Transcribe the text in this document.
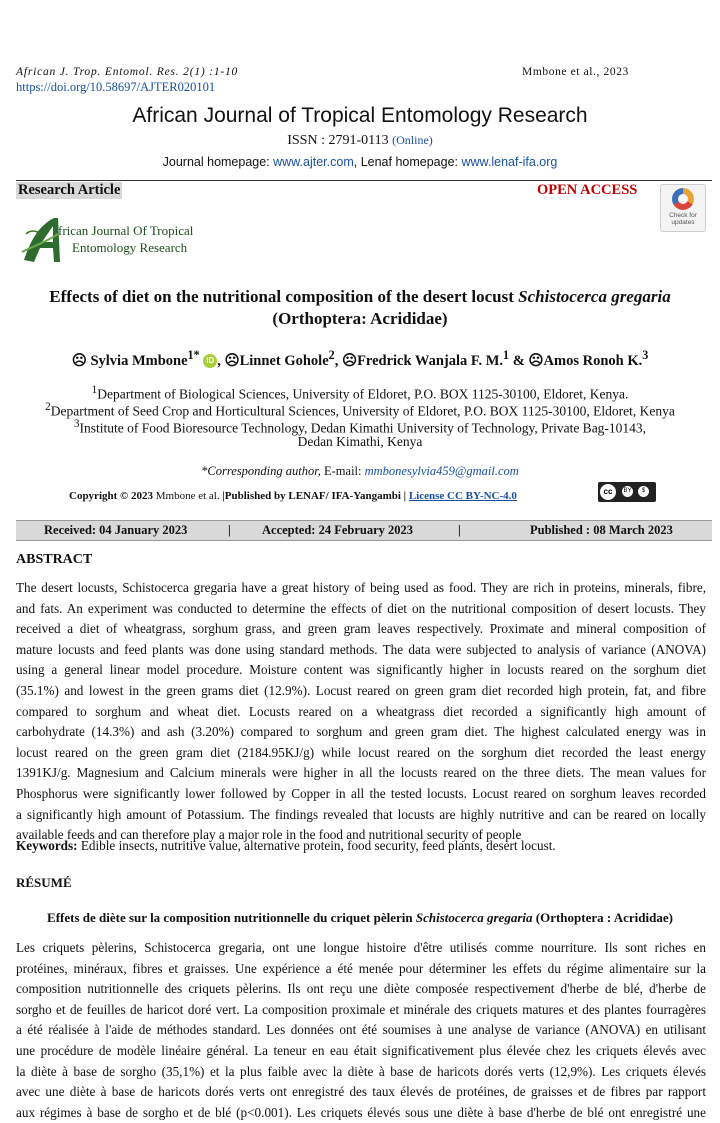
African J. Trop. Entomol. Res. 2(1) :1-10	Mmbone et al., 2023
https://doi.org/10.58697/AJTER020101
African Journal of Tropical Entomology Research
ISSN : 2791-0113 (Online)
Journal homepage: www.ajter.com, Lenaf homepage: www.lenaf-ifa.org
Research Article	OPEN ACCESS
Check for updates
frican Journal Of Tropical
Entomology Research
Effects of diet on the nutritional composition of the desert locust Schistocerca gregaria (Orthoptera: Acrididae)
☹ Sylvia Mmbone$^{1*}$ iD , ☹Linnet Gohole$^2$, ☹Fredrick Wanjala F. M.$^1$ & ☹Amos Ronoh K.$^3$
$^1$Department of Biological Sciences, University of Eldoret, P.O. BOX 1125-30100, Eldoret, Kenya.
$^2$Department of Seed Crop and Horticultural Sciences, University of Eldoret, P.O. BOX 1125-30100, Eldoret, Kenya
$^3$Institute of Food Bioresource Technology, Dedan Kimathi University of Technology, Private Bag-10143,
Dedan Kimathi, Kenya
*Corresponding author, E-mail: mmbonesylvia459@gmail.com
Copyright © 2023 Mmbone et al. |Published by LENAF/ IFA-Yangambi | License CC BY-NC-4.0	cc	BY	$
Received: 04 January 2023	| Accepted: 24 February 2023	|	Published : 08 March 2023
ABSTRACT
The desert locusts, Schistocerca gregaria have a great history of being used as food. They are rich in proteins, minerals, fibre,
and fats. An experiment was conducted to determine the effects of diet on the nutritional composition of desert locusts. They
received a diet of wheatgrass, sorghum grass, and green gram leaves respectively. Proximate and mineral composition of
mature locusts and feed plants was done using standard methods. The data were subjected to analysis of variance (ANOVA)
using a general linear model procedure. Moisture content was significantly higher in locusts reared on the sorghum diet
(35.1%) and lowest in the green grams diet (12.9%). Locust reared on green gram diet recorded high protein, fat, and fibre
compared to sorghum and wheat diet. Locusts reared on a wheatgrass diet recorded a significantly high amount of
carbohydrate (14.3%) and ash (3.20%) compared to sorghum and green gram diet. The highest calculated energy was in
locust reared on the green gram diet (2184.95KJ/g) while locust reared on the sorghum diet recorded the least energy
1391KJ/g. Magnesium and Calcium minerals were higher in all the locusts reared on the three diets. The mean values for
Phosphorus were significantly lower followed by Copper in all the tested locusts. Locust reared on sorghum leaves recorded
a significantly high amount of Potassium. The findings revealed that locusts are highly nutritive and can be reared on locally
available feeds and can therefore play a major role in the food and nutritional security of people
Keywords: Edible insects, nutritive value, alternative protein, food security, feed plants, desert locust.
RÉSUMÉ
Effets de diète sur la composition nutritionnelle du criquet pèlerin Schistocerca gregaria (Orthoptera : Acrididae)
Les criquets pèlerins, Schistocerca gregaria, ont une longue histoire d'être utilisés comme nourriture. Ils sont riches en
protéines, minéraux, fibres et graisses. Une expérience a été menée pour déterminer les effets du régime alimentaire sur la
composition nutritionnelle des criquets pèlerins. Ils ont reçu une diète composée respectivement d'herbe de blé, d'herbe de
sorgho et de feuilles de haricot doré vert. La composition proximale et minérale des criquets matures et des plantes fourragères
a été réalisée à l'aide de méthodes standard. Les données ont été soumises à une analyse de variance (ANOVA) en utilisant
une procédure de modèle linéaire général. La teneur en eau était significativement plus élevée chez les criquets élevés avec
la diète à base de sorgho (35,1%) et la plus faible avec la diète à base de haricots dorés verts (12,9%). Les criquets élevés
avec une diète à base de haricots dorés verts ont enregistré des taux élevés de protéines, de graisses et de fibres par rapport
aux régimes à base de sorgho et de blé (p<0.001). Les criquets élevés sous une diète à base d'herbe de blé ont enregistré une
